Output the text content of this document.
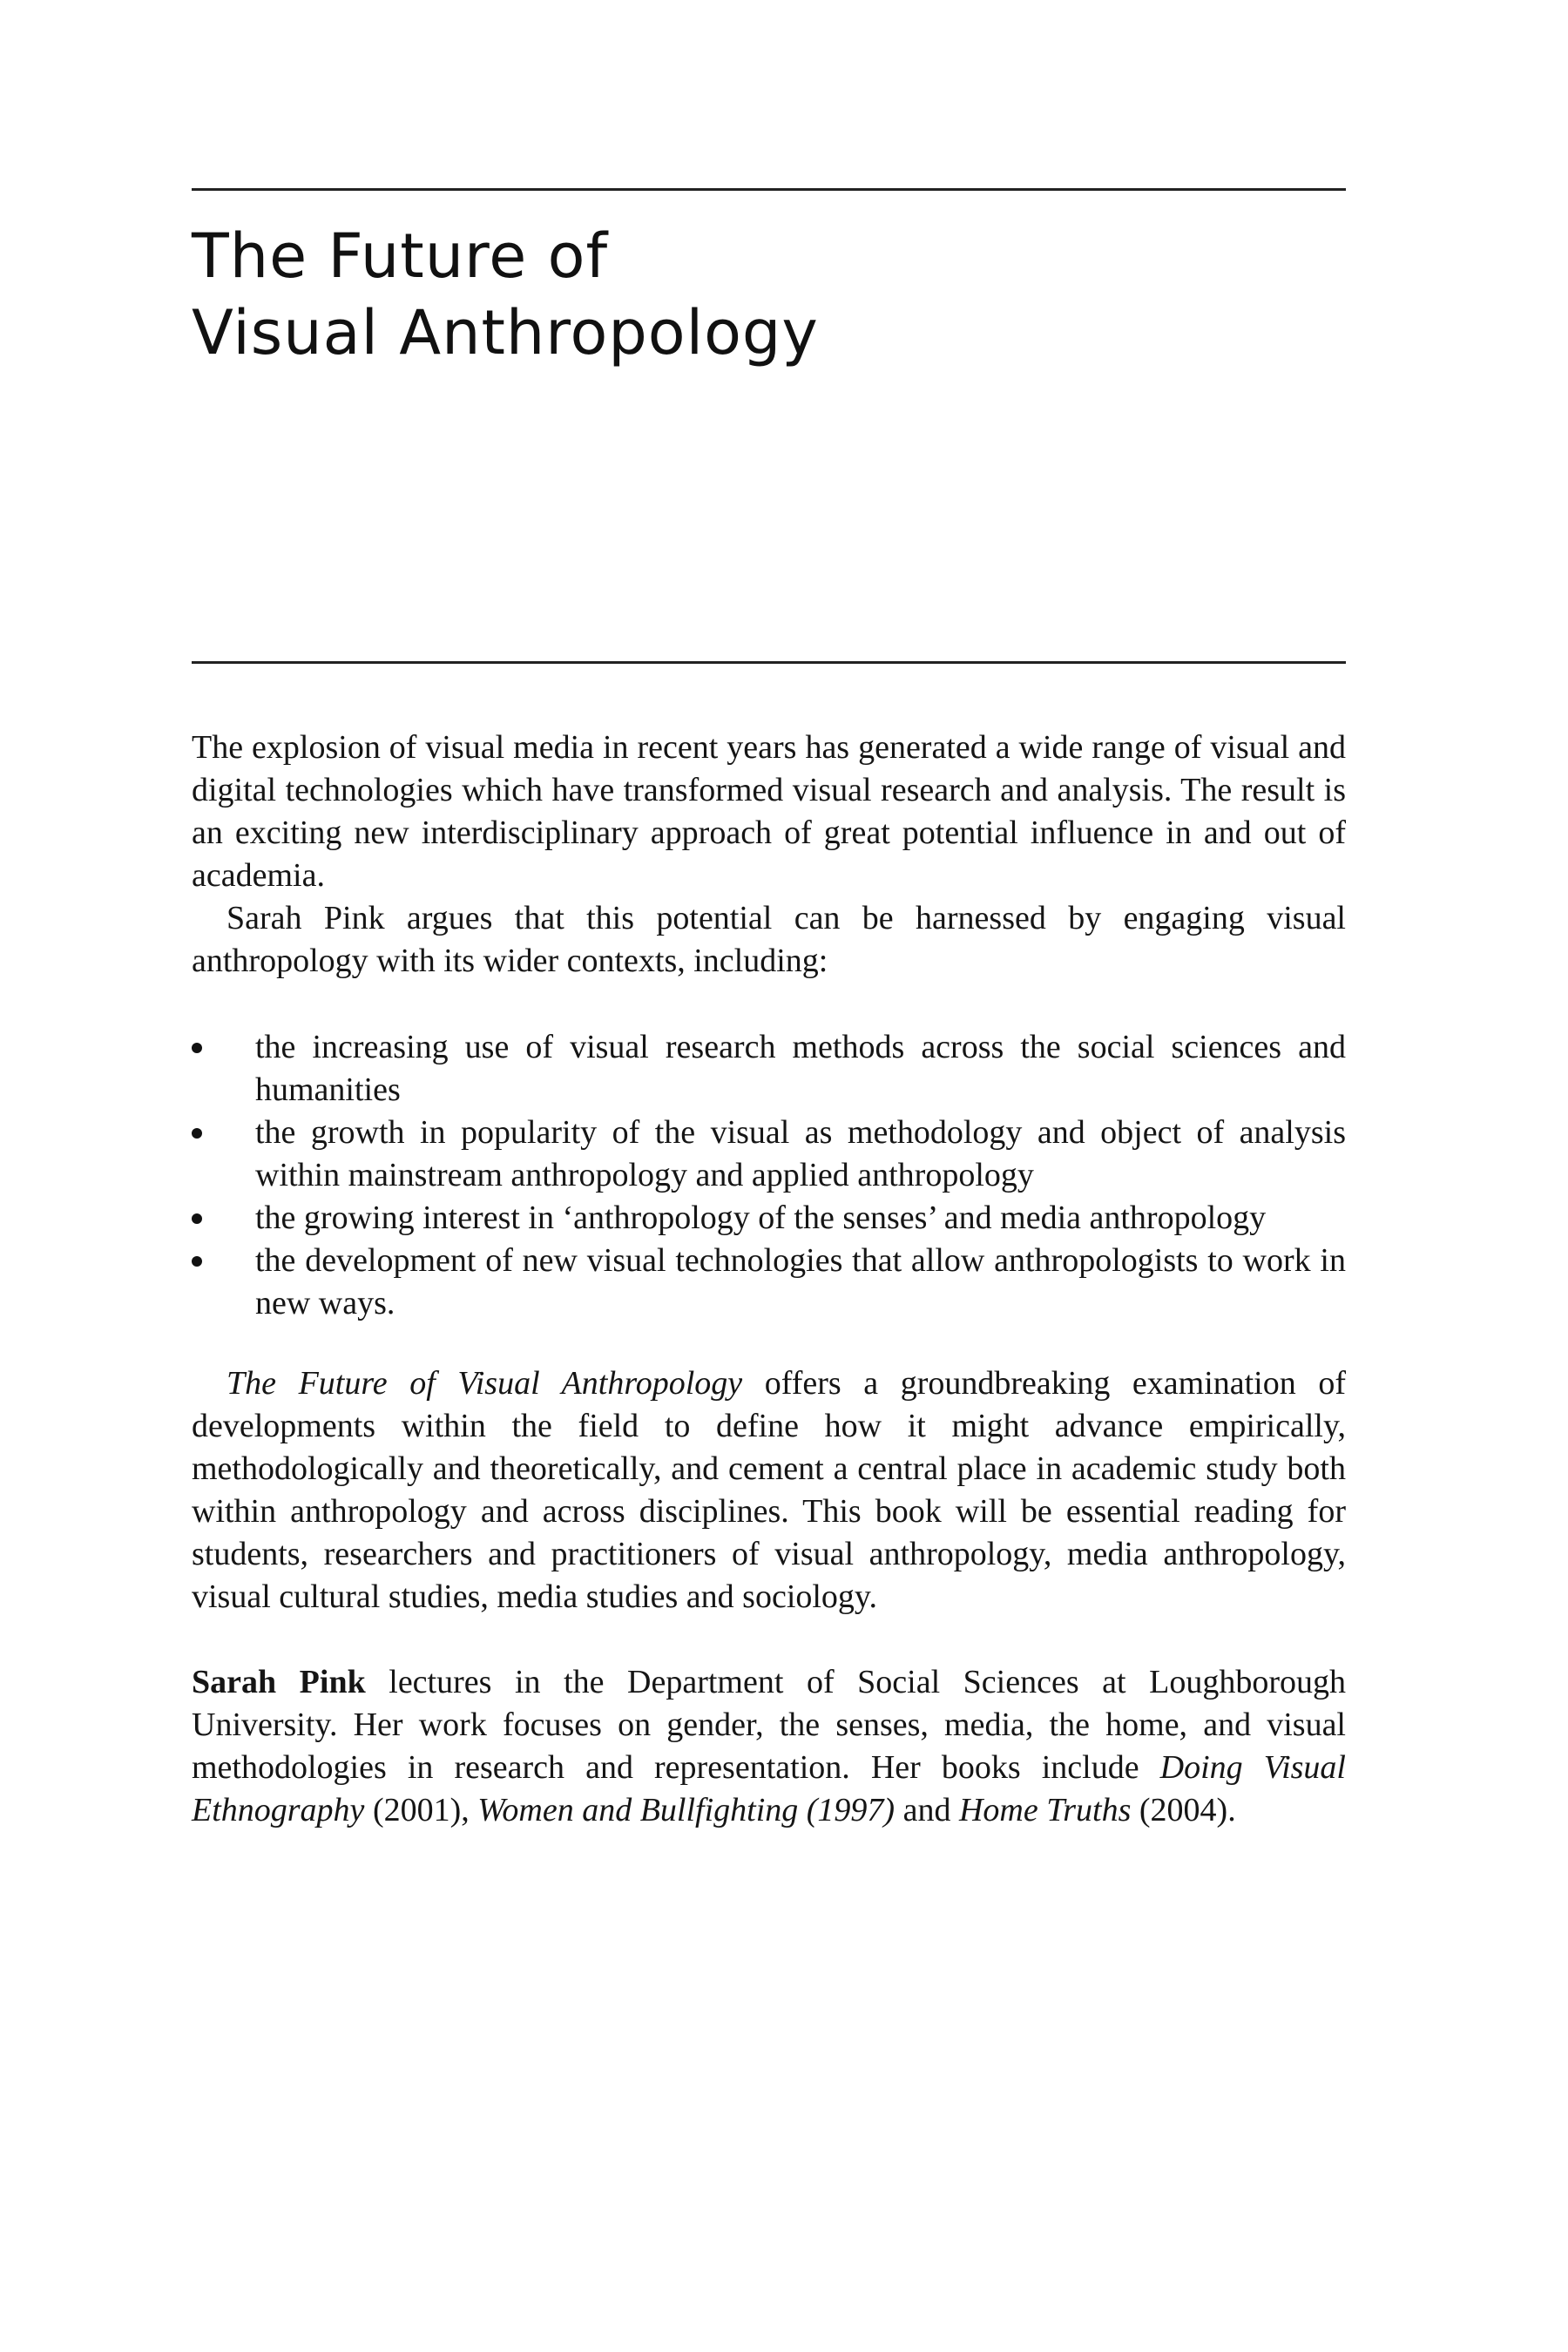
The Future of
Visual Anthropology

The explosion of visual media in recent years has generated a wide range of visual and digital technologies which have transformed visual research and analysis. The result is an exciting new interdisciplinary approach of great potential influence in and out of academia.

Sarah Pink argues that this potential can be harnessed by engaging visual anthropology with its wider contexts, including:

the increasing use of visual research methods across the social sciences and humanities
the growth in popularity of the visual as methodology and object of analysis within mainstream anthropology and applied anthropology
the growing interest in ‘anthropology of the senses’ and media anthropology
the development of new visual technologies that allow anthropologists to work in new ways.

The Future of Visual Anthropology offers a groundbreaking examination of developments within the field to define how it might advance empirically, methodologically and theoretically, and cement a central place in academic study both within anthropology and across disciplines. This book will be essential reading for students, researchers and practitioners of visual anthropology, media anthropology, visual cultural studies, media studies and sociology.

Sarah Pink lectures in the Department of Social Sciences at Loughborough University. Her work focuses on gender, the senses, media, the home, and visual methodologies in research and representation. Her books include Doing Visual Ethnography (2001), Women and Bullfighting (1997) and Home Truths (2004).
